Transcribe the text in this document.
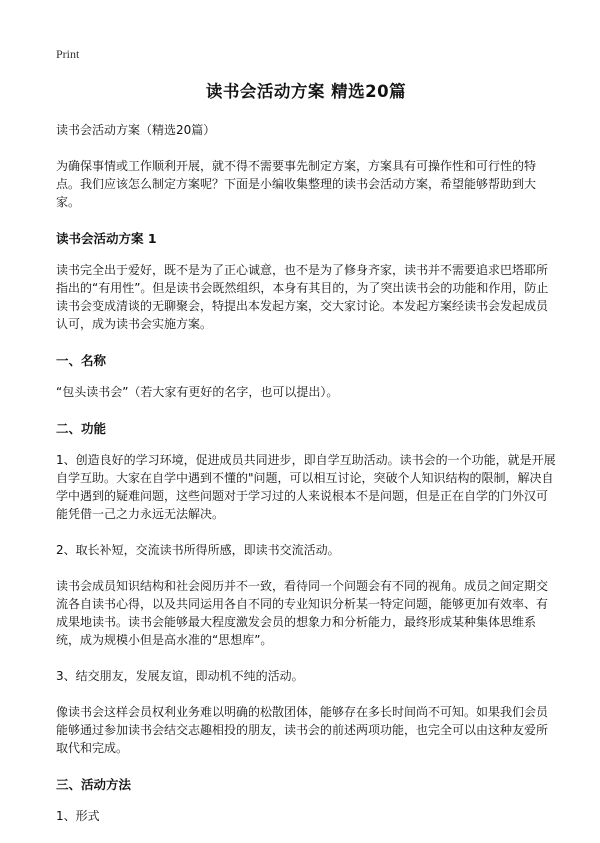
Print
读书会活动方案 精选20篇
读书会活动方案（精选20篇）

为确保事情或工作顺利开展，就不得不需要事先制定方案，方案具有可操作性和可行性的特点。我们应该怎么制定方案呢？下面是小编收集整理的读书会活动方案，希望能够帮助到大家。

读书会活动方案 1

读书完全出于爱好，既不是为了正心诚意，也不是为了修身齐家，读书并不需要追求巴塔耶所指出的“有用性”。但是读书会既然组织，本身有其目的，为了突出读书会的功能和作用，防止读书会变成清谈的无聊聚会，特提出本发起方案，交大家讨论。本发起方案经读书会发起成员认可，成为读书会实施方案。

一、名称

“包头读书会”（若大家有更好的名字，也可以提出）。

二、功能

1、创造良好的学习环境，促进成员共同进步，即自学互助活动。读书会的一个功能，就是开展自学互助。大家在自学中遇到不懂的"问题，可以相互讨论，突破个人知识结构的限制，解决自学中遇到的疑难问题，这些问题对于学习过的人来说根本不是问题，但是正在自学的门外汉可能凭借一己之力永远无法解决。

2、取长补短，交流读书所得所感，即读书交流活动。

读书会成员知识结构和社会阅历并不一致，看待同一个问题会有不同的视角。成员之间定期交流各自读书心得，以及共同运用各自不同的专业知识分析某一特定问题，能够更加有效率、有成果地读书。读书会能够最大程度激发会员的想象力和分析能力，最终形成某种集体思维系统，成为规模小但是高水准的“思想库”。

3、结交朋友，发展友谊，即动机不纯的活动。

像读书会这样会员权利业务难以明确的松散团体，能够存在多长时间尚不可知。如果我们会员能够通过参加读书会结交志趣相投的朋友，读书会的前述两项功能，也完全可以由这种友爱所取代和完成。

三、活动方法

1、形式
